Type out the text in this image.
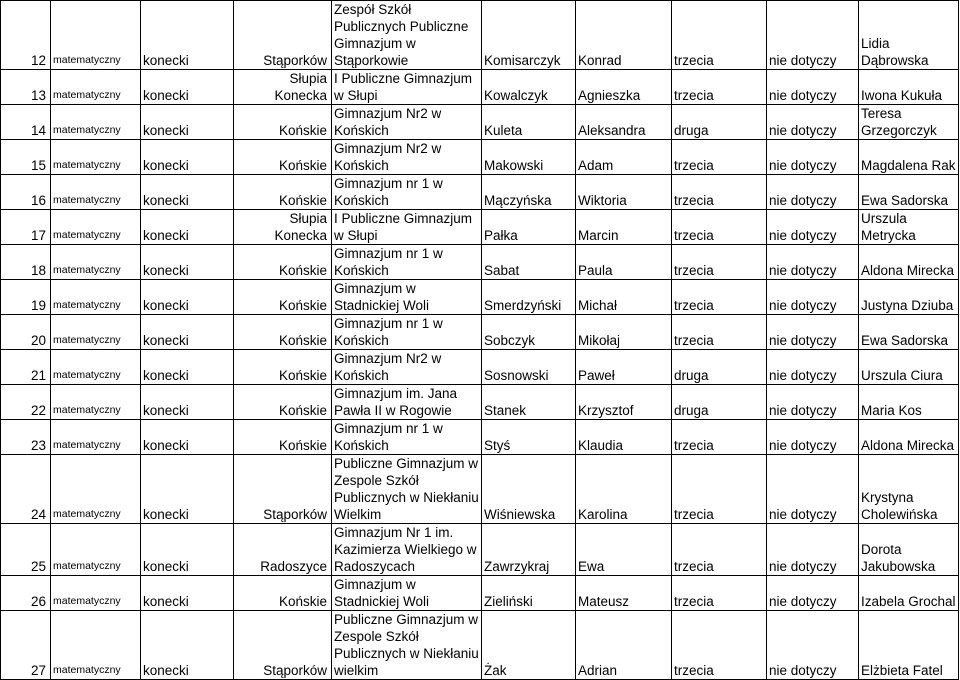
12	matematyczny	konecki	Stąporków	Zespół Szkół Publicznych Publiczne Gimnazjum w Stąporkowie	Komisarczyk	Konrad	trzecia	nie dotyczy	Lidia Dąbrowska
13	matematyczny	konecki	Słupia Konecka	I Publiczne Gimnazjum w Słupi	Kowalczyk	Agnieszka	trzecia	nie dotyczy	Iwona Kukuła
14	matematyczny	konecki	Końskie	Gimnazjum Nr2 w Końskich	Kuleta	Aleksandra	druga	nie dotyczy	Teresa Grzegorczyk
15	matematyczny	konecki	Końskie	Gimnazjum Nr2 w Końskich	Makowski	Adam	trzecia	nie dotyczy	Magdalena Rak
16	matematyczny	konecki	Końskie	Gimnazjum nr 1 w Końskich	Mączyńska	Wiktoria	trzecia	nie dotyczy	Ewa Sadorska
17	matematyczny	konecki	Słupia Konecka	I Publiczne Gimnazjum w Słupi	Pałka	Marcin	trzecia	nie dotyczy	Urszula Metrycka
18	matematyczny	konecki	Końskie	Gimnazjum nr 1 w Końskich	Sabat	Paula	trzecia	nie dotyczy	Aldona Mirecka
19	matematyczny	konecki	Końskie	Gimnazjum w Stadnickiej Woli	Smerdzyński	Michał	trzecia	nie dotyczy	Justyna Dziuba
20	matematyczny	konecki	Końskie	Gimnazjum nr 1 w Końskich	Sobczyk	Mikołaj	trzecia	nie dotyczy	Ewa Sadorska
21	matematyczny	konecki	Końskie	Gimnazjum Nr2 w Końskich	Sosnowski	Paweł	druga	nie dotyczy	Urszula Ciura
22	matematyczny	konecki	Końskie	Gimnazjum im. Jana Pawła II w Rogowie	Stanek	Krzysztof	druga	nie dotyczy	Maria Kos
23	matematyczny	konecki	Końskie	Gimnazjum nr 1 w Końskich	Styś	Klaudia	trzecia	nie dotyczy	Aldona Mirecka
24	matematyczny	konecki	Stąporków	Publiczne Gimnazjum w Zespole Szkół Publicznych w Niekłaniu Wielkim	Wiśniewska	Karolina	trzecia	nie dotyczy	Krystyna Cholewińska
25	matematyczny	konecki	Radoszyce	Gimnazjum Nr 1 im. Kazimierza Wielkiego w Radoszycach	Zawrzykraj	Ewa	trzecia	nie dotyczy	Dorota Jakubowska
26	matematyczny	konecki	Końskie	Gimnazjum w Stadnickiej Woli	Zieliński	Mateusz	trzecia	nie dotyczy	Izabela Grochal
27	matematyczny	konecki	Stąporków	Publiczne Gimnazjum w Zespole Szkół Publicznych w Niekłaniu wielkim	Żak	Adrian	trzecia	nie dotyczy	Elżbieta Fatel
